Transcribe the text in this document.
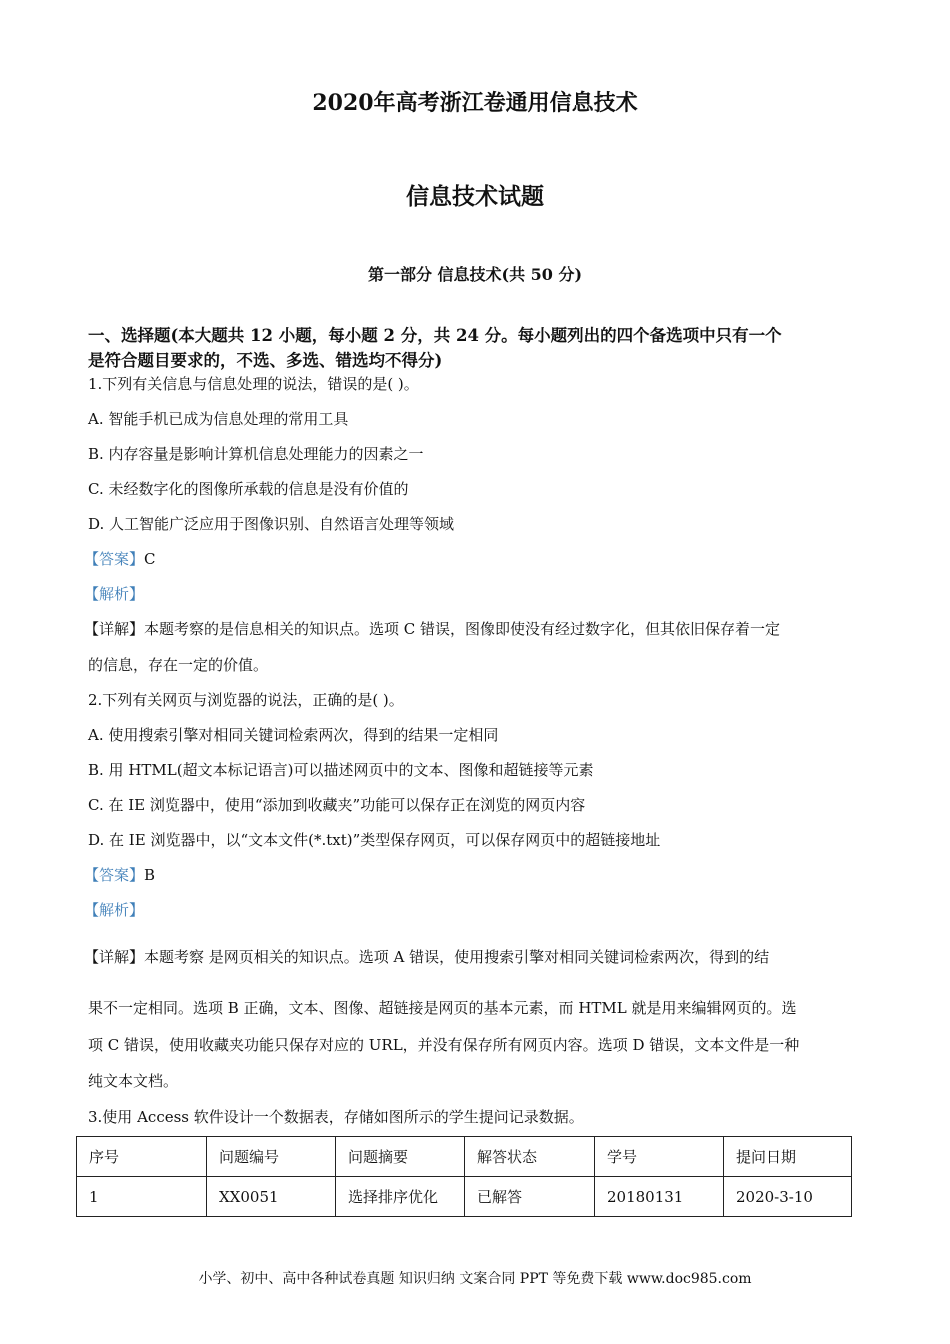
2020年高考浙江卷通用信息技术
信息技术试题
第一部分 信息技术(共 50 分)
一、选择题(本大题共 12 小题，每小题 2 分，共 24 分。每小题列出的四个备选项中只有一个
是符合题目要求的，不选、多选、错选均不得分)
1.下列有关信息与信息处理的说法，错误的是( )。
A. 智能手机已成为信息处理的常用工具
B. 内存容量是影响计算机信息处理能力的因素之一
C. 未经数字化的图像所承载的信息是没有价值的
D. 人工智能广泛应用于图像识别、自然语言处理等领域
【答案】C
【解析】
【详解】本题考察的是信息相关的知识点。选项 C 错误，图像即使没有经过数字化，但其依旧保存着一定
的信息，存在一定的价值。
2.下列有关网页与浏览器的说法，正确的是( )。
A. 使用搜索引擎对相同关键词检索两次，得到的结果一定相同
B. 用 HTML(超文本标记语言)可以描述网页中的文本、图像和超链接等元素
C. 在 IE 浏览器中，使用“添加到收藏夹”功能可以保存正在浏览的网页内容
D. 在 IE 浏览器中，以“文本文件(*.txt)”类型保存网页，可以保存网页中的超链接地址
【答案】B
【解析】
【详解】本题考察 是网页相关的知识点。选项 A 错误，使用搜索引擎对相同关键词检索两次，得到的结
果不一定相同。选项 B 正确，文本、图像、超链接是网页的基本元素，而 HTML 就是用来编辑网页的。选
项 C 错误，使用收藏夹功能只保存对应的 URL，并没有保存所有网页内容。选项 D 错误，文本文件是一种
纯文本文档。
3.使用 Access 软件设计一个数据表，存储如图所示的学生提问记录数据。
序号	问题编号	问题摘要	解答状态	学号	提问日期
1	XX0051	选择排序优化	已解答	20180131	2020-3-10
小学、初中、高中各种试卷真题 知识归纳 文案合同 PPT 等免费下载 www.doc985.com
